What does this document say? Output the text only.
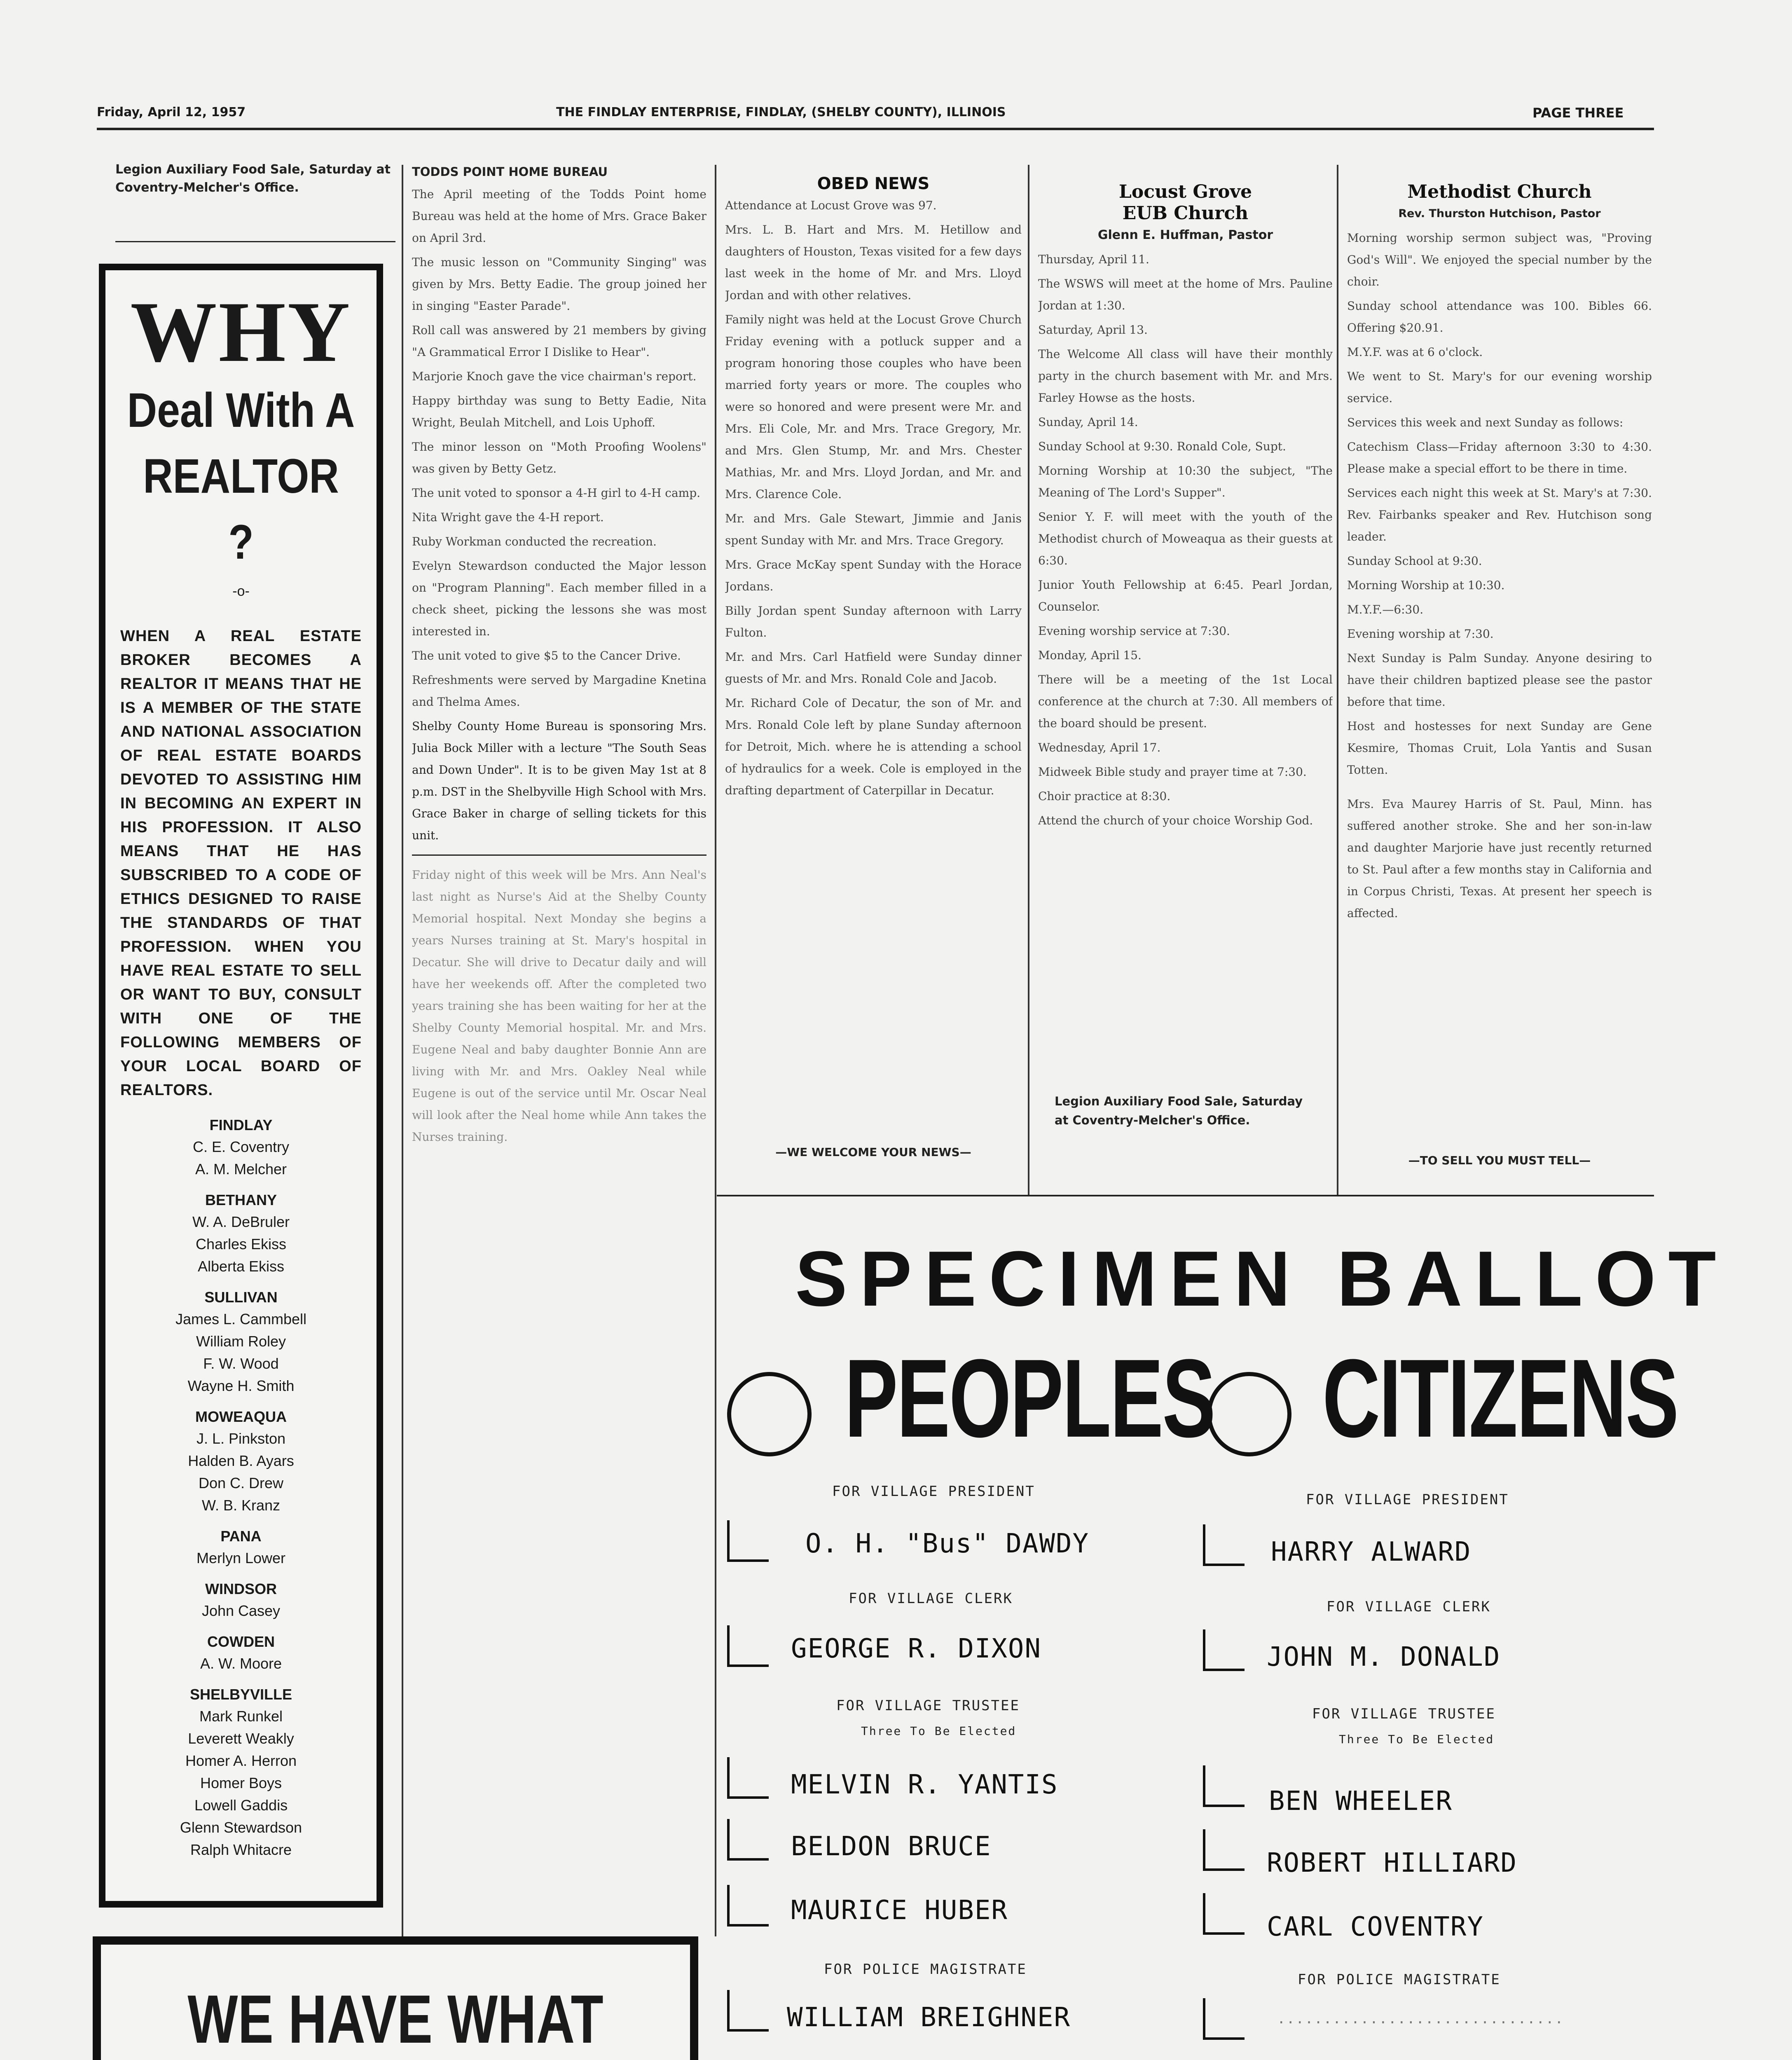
Friday, April 12, 1957	THE FINDLAY ENTERPRISE, FINDLAY, (SHELBY COUNTY), ILLINOIS	PAGE THREE
Legion Auxiliary Food Sale, Saturday at Coventry-Melcher's Office.
WHY
Deal With A
REALTOR ?
-o-
WHEN A REAL ESTATE BROKER BECOMES A REALTOR IT MEANS THAT HE IS A MEMBER OF THE STATE AND NATIONAL ASSOCIATION OF REAL ESTATE BOARDS DEVOTED TO ASSISTING HIM IN BECOMING AN EXPERT IN HIS PROFESSION. IT ALSO MEANS THAT HE HAS SUBSCRIBED TO A CODE OF ETHICS DESIGNED TO RAISE THE STANDARDS OF THAT PROFESSION. WHEN YOU HAVE REAL ESTATE TO SELL OR WANT TO BUY, CONSULT WITH ONE OF THE FOLLOWING MEMBERS OF YOUR LOCAL BOARD OF REALTORS.
FINDLAY
C. E. Coventry
A. M. Melcher
BETHANY
W. A. DeBruler
Charles Ekiss
Alberta Ekiss
SULLIVAN
James L. Cammbell
William Roley
F. W. Wood
Wayne H. Smith
MOWEAQUA
J. L. Pinkston
Halden B. Ayars
Don C. Drew
W. B. Kranz
PANA
Merlyn Lower
WINDSOR
John Casey
COWDEN
A. W. Moore
SHELBYVILLE
Mark Runkel
Leverett Weakly
Homer A. Herron
Homer Boys
Lowell Gaddis
Glenn Stewardson
Ralph Whitacre

TODDS POINT HOME BUREAU

The April meeting of the Todds Point home Bureau was held at the home of Mrs. Grace Baker on April 3rd.

The music lesson on "Community Singing" was given by Mrs. Betty Eadie. The group joined her in singing "Easter Parade".

Roll call was answered by 21 members by giving "A Grammatical Error I Dislike to Hear".

Marjorie Knoch gave the vice chairman's report.

Happy birthday was sung to Betty Eadie, Nita Wright, Beulah Mitchell, and Lois Uphoff.

The minor lesson on "Moth Proofing Woolens" was given by Betty Getz.

The unit voted to sponsor a 4-H girl to 4-H camp.

Nita Wright gave the 4-H report.

Ruby Workman conducted the recreation.

Evelyn Stewardson conducted the Major lesson on "Program Planning". Each member filled in a check sheet, picking the lessons she was most interested in.

The unit voted to give $5 to the Cancer Drive.

Refreshments were served by Margadine Knetina and Thelma Ames.

Shelby County Home Bureau is sponsoring Mrs. Julia Bock Miller with a lecture "The South Seas and Down Under". It is to be given May 1st at 8 p.m. DST in the Shelbyville High School with Mrs. Grace Baker in charge of selling tickets for this unit.

Friday night of this week will be Mrs. Ann Neal's last night as Nurse's Aid at the Shelby County Memorial hospital. Next Monday she begins a years Nurses training at St. Mary's hospital in Decatur. She will drive to Decatur daily and will have her weekends off. After the completed two years training she has been waiting for her at the Shelby County Memorial hospital. Mr. and Mrs. Eugene Neal and baby daughter Bonnie Ann are living with Mr. and Mrs. Oakley Neal while Eugene is out of the service until Mr. Oscar Neal will look after the Neal home while Ann takes the Nurses training.

OBED NEWS

Attendance at Locust Grove was 97.

Mrs. L. B. Hart and Mrs. M. Hetillow and daughters of Houston, Texas visited for a few days last week in the home of Mr. and Mrs. Lloyd Jordan and with other relatives.

Family night was held at the Locust Grove Church Friday evening with a potluck supper and a program honoring those couples who have been married forty years or more. The couples who were so honored and were present were Mr. and Mrs. Eli Cole, Mr. and Mrs. Trace Gregory, Mr. and Mrs. Glen Stump, Mr. and Mrs. Chester Mathias, Mr. and Mrs. Lloyd Jordan, and Mr. and Mrs. Clarence Cole.

Mr. and Mrs. Gale Stewart, Jimmie and Janis spent Sunday with Mr. and Mrs. Trace Gregory.

Mrs. Grace McKay spent Sunday with the Horace Jordans.

Billy Jordan spent Sunday afternoon with Larry Fulton.

Mr. and Mrs. Carl Hatfield were Sunday dinner guests of Mr. and Mrs. Ronald Cole and Jacob.

Mr. Richard Cole of Decatur, the son of Mr. and Mrs. Ronald Cole left by plane Sunday afternoon for Detroit, Mich. where he is attending a school of hydraulics for a week. Cole is employed in the drafting department of Caterpillar in Decatur.

—WE WELCOME YOUR NEWS—

Locust Grove

EUB Church

Glenn E. Huffman, Pastor

Thursday, April 11.

The WSWS will meet at the home of Mrs. Pauline Jordan at 1:30.

Saturday, April 13.

The Welcome All class will have their monthly party in the church basement with Mr. and Mrs. Farley Howse as the hosts.

Sunday, April 14.

Sunday School at 9:30. Ronald Cole, Supt.

Morning Worship at 10:30 the subject, "The Meaning of The Lord's Supper".

Senior Y. F. will meet with the youth of the Methodist church of Moweaqua as their guests at 6:30.

Junior Youth Fellowship at 6:45. Pearl Jordan, Counselor.

Evening worship service at 7:30.

Monday, April 15.

There will be a meeting of the 1st Local conference at the church at 7:30. All members of the board should be present.

Wednesday, April 17.

Midweek Bible study and prayer time at 7:30.

Choir practice at 8:30.

Attend the church of your choice Worship God.

Legion Auxiliary Food Sale, Saturday at Coventry-Melcher's Office.

Methodist Church

Rev. Thurston Hutchison, Pastor

Morning worship sermon subject was, "Proving God's Will". We enjoyed the special number by the choir.

Sunday school attendance was 100. Bibles 66. Offering $20.91.

M.Y.F. was at 6 o'clock.

We went to St. Mary's for our evening worship service.

Services this week and next Sunday as follows:

Catechism Class—Friday afternoon 3:30 to 4:30. Please make a special effort to be there in time.

Services each night this week at St. Mary's at 7:30. Rev. Fairbanks speaker and Rev. Hutchison song leader.

Sunday School at 9:30.

Morning Worship at 10:30.

M.Y.F.—6:30.

Evening worship at 7:30.

Next Sunday is Palm Sunday. Anyone desiring to have their children baptized please see the pastor before that time.

Host and hostesses for next Sunday are Gene Kesmire, Thomas Cruit, Lola Yantis and Susan Totten.

Mrs. Eva Maurey Harris of St. Paul, Minn. has suffered another stroke. She and her son-in-law and daughter Marjorie have just recently returned to St. Paul after a few months stay in California and in Corpus Christi, Texas. At present her speech is affected.

—TO SELL YOU MUST TELL—
SPECIMEN BALLOT
PEOPLES CITIZENS
FOR VILLAGE PRESIDENT
O. H. "Bus" DAWDY
FOR VILLAGE CLERK
GEORGE R. DIXON
FOR VILLAGE TRUSTEE
Three To Be Elected
MELVIN R. YANTIS
BELDON BRUCE
MAURICE HUBER
FOR POLICE MAGISTRATE
WILLIAM BREIGHNER
FOR VILLAGE PRESIDENT
HARRY ALWARD
FOR VILLAGE CLERK
JOHN M. DONALD
FOR VILLAGE TRUSTEE
Three To Be Elected
BEN WHEELER
ROBERT HILLIARD
CARL COVENTRY
FOR POLICE MAGISTRATE
...............................
WE HAVE WHAT
